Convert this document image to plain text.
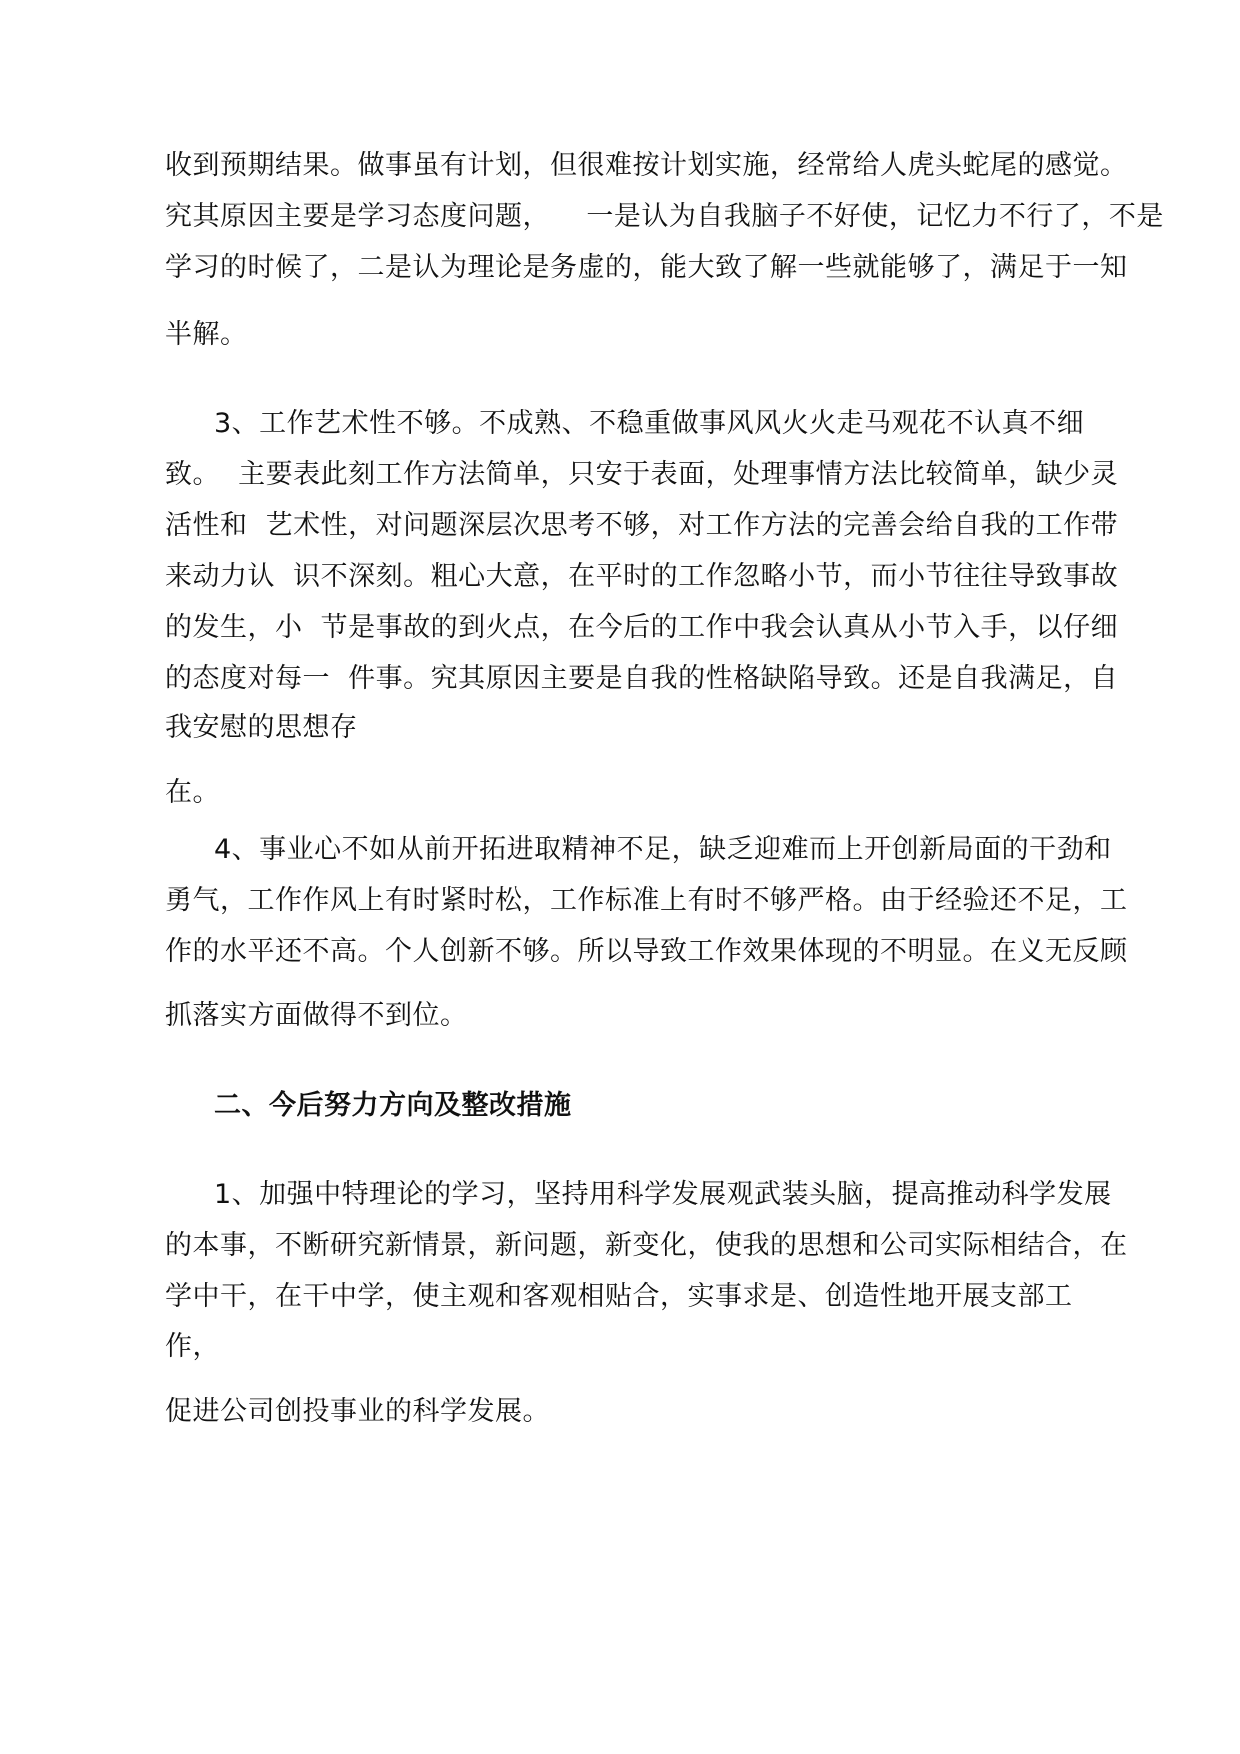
收到预期结果。做事虽有计划，但很难按计划实施，经常给人虎头蛇尾的感觉。
究其原因主要是学习态度问题，    一是认为自我脑子不好使，记忆力不行了，不是
学习的时候了，二是认为理论是务虚的，能大致了解一些就能够了，满足于一知
半解。
3、工作艺术性不够。不成熟、不稳重做事风风火火走马观花不认真不细
致。  主要表此刻工作方法简单，只安于表面，处理事情方法比较简单，缺少灵
活性和  艺术性，对问题深层次思考不够，对工作方法的完善会给自我的工作带
来动力认  识不深刻。粗心大意，在平时的工作忽略小节，而小节往往导致事故
的发生，小  节是事故的到火点，在今后的工作中我会认真从小节入手，以仔细
的态度对每一  件事。究其原因主要是自我的性格缺陷导致。还是自我满足，自
我安慰的思想存
在。
4、事业心不如从前开拓进取精神不足，缺乏迎难而上开创新局面的干劲和
勇气，工作作风上有时紧时松，工作标准上有时不够严格。由于经验还不足，工
作的水平还不高。个人创新不够。所以导致工作效果体现的不明显。在义无反顾
抓落实方面做得不到位。
二、今后努力方向及整改措施
1、加强中特理论的学习，坚持用科学发展观武装头脑，提高推动科学发展
的本事，不断研究新情景，新问题，新变化，使我的思想和公司实际相结合，在
学中干，在干中学，使主观和客观相贴合，实事求是、创造性地开展支部工
作，
促进公司创投事业的科学发展。
